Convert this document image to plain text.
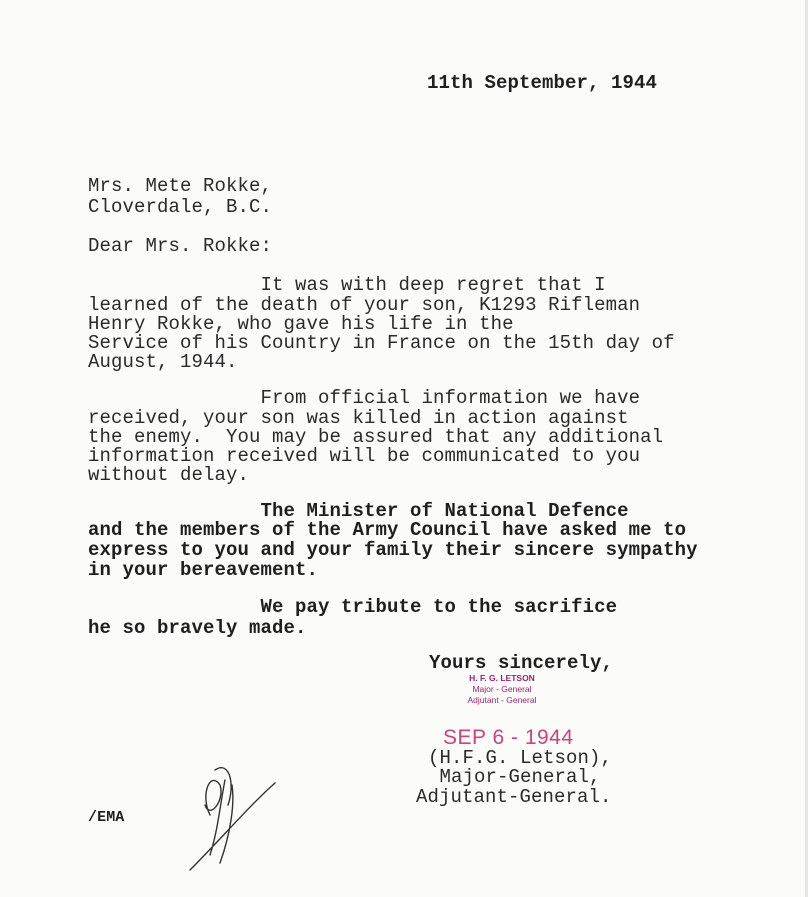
11th September, 1944
Mrs. Mete Rokke,
Cloverdale, B.C.
Dear Mrs. Rokke:
It was with deep regret that I
learned of the death of your son, K1293 Rifleman
Henry Rokke, who gave his life in the
Service of his Country in France on the 15th day of
August, 1944.
From official information we have
received, your son was killed in action against
the enemy.  You may be assured that any additional
information received will be communicated to you
without delay.
The Minister of National Defence
and the members of the Army Council have asked me to
express to you and your family their sincere sympathy
in your bereavement.
We pay tribute to the sacrifice
he so bravely made.
Yours sincerely,
H. F. G. LETSON
Major - General
Adjutant - General
SEP 6 - 1944
(H.F.G. Letson),
Major-General,
Adjutant-General.
/EMA
